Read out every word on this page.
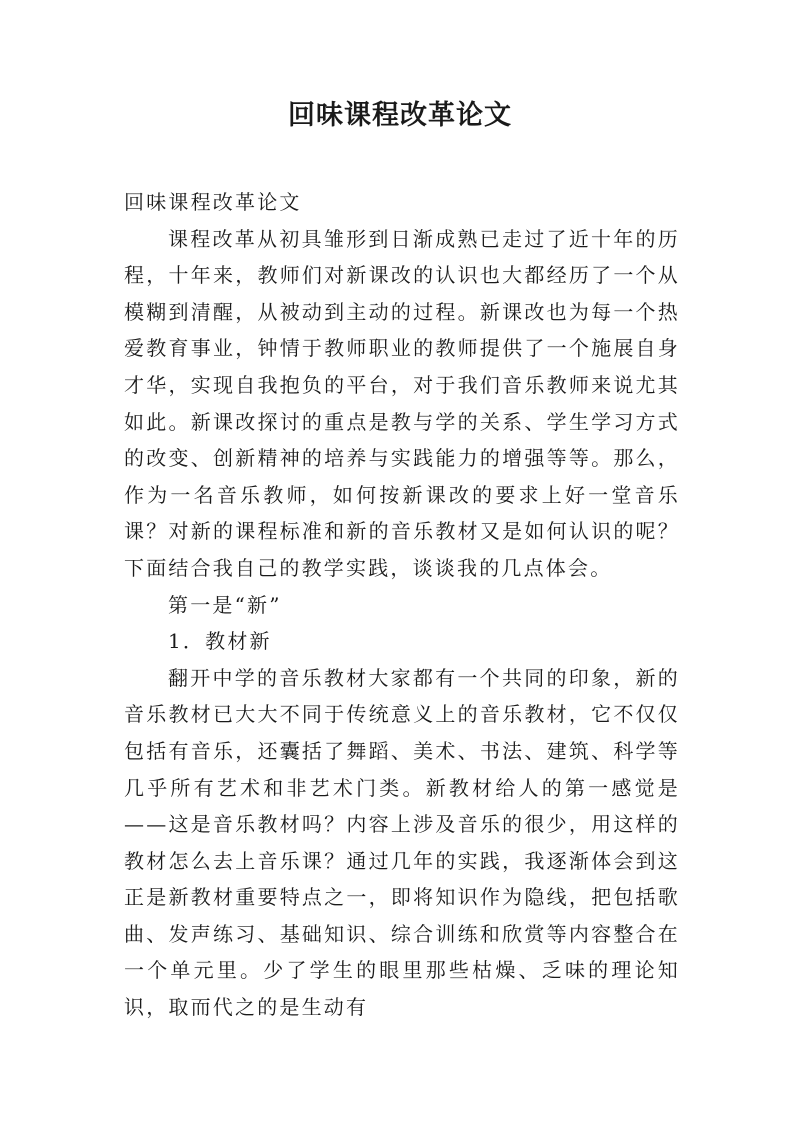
回味课程改革论文

回味课程改革论文

课程改革从初具雏形到日渐成熟已走过了近十年的历程，十年来，教师们对新课改的认识也大都经历了一个从模糊到清醒，从被动到主动的过程。新课改也为每一个热爱教育事业，钟情于教师职业的教师提供了一个施展自身才华，实现自我抱负的平台，对于我们音乐教师来说尤其如此。新课改探讨的重点是教与学的关系、学生学习方式的改变、创新精神的培养与实践能力的增强等等。那么，作为一名音乐教师，如何按新课改的要求上好一堂音乐课？对新的课程标准和新的音乐教材又是如何认识的呢？下面结合我自己的教学实践，谈谈我的几点体会。

第一是“新”

1．教材新

翻开中学的音乐教材大家都有一个共同的印象，新的音乐教材已大大不同于传统意义上的音乐教材，它不仅仅包括有音乐，还囊括了舞蹈、美术、书法、建筑、科学等几乎所有艺术和非艺术门类。新教材给人的第一感觉是——这是音乐教材吗？内容上涉及音乐的很少，用这样的教材怎么去上音乐课？通过几年的实践，我逐渐体会到这正是新教材重要特点之一，即将知识作为隐线，把包括歌曲、发声练习、基础知识、综合训练和欣赏等内容整合在一个单元里。少了学生的眼里那些枯燥、乏味的理论知识，取而代之的是生动有
